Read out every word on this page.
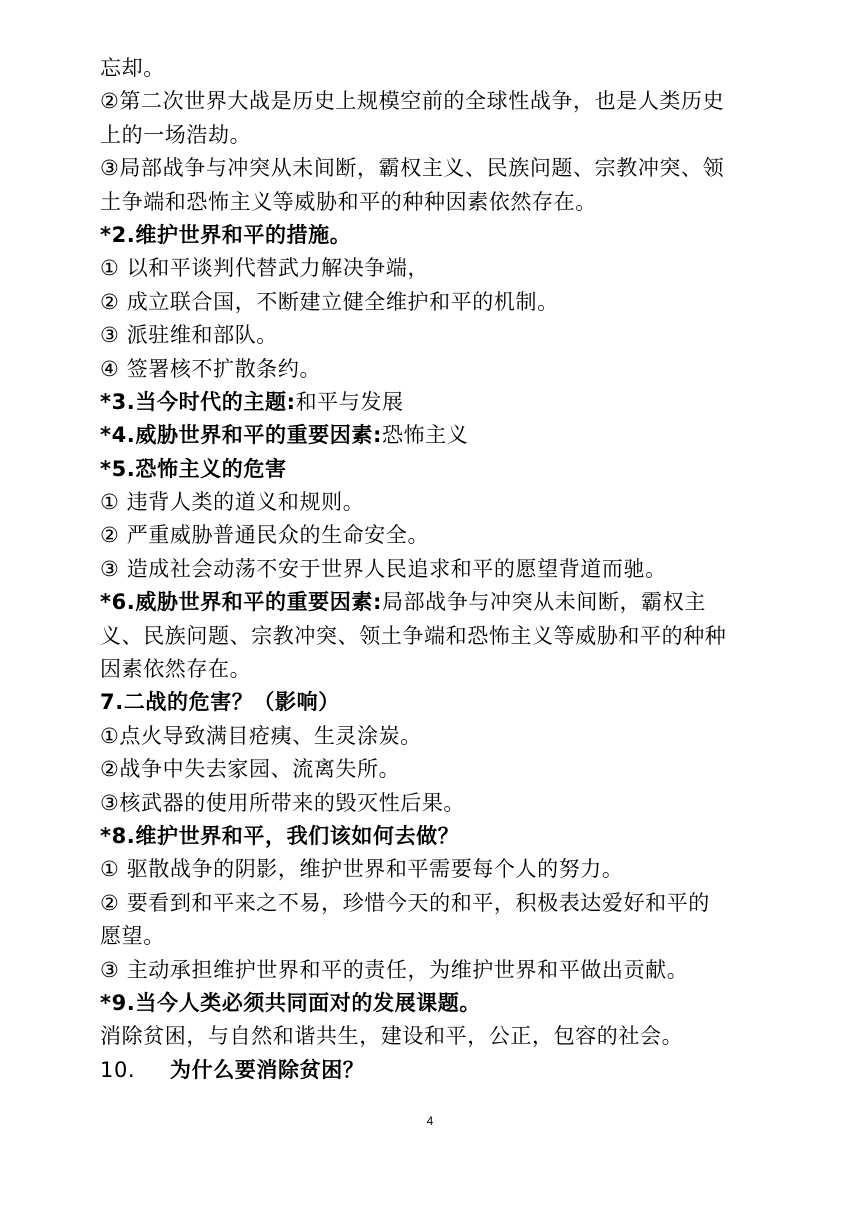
忘却。
②第二次世界大战是历史上规模空前的全球性战争，也是人类历史
上的一场浩劫。
③局部战争与冲突从未间断，霸权主义、民族问题、宗教冲突、领
土争端和恐怖主义等威胁和平的种种因素依然存在。
*2.维护世界和平的措施。
① 以和平谈判代替武力解决争端，
② 成立联合国，不断建立健全维护和平的机制。
③ 派驻维和部队。
④ 签署核不扩散条约。
*3.当今时代的主题:和平与发展
*4.威胁世界和平的重要因素:恐怖主义
*5.恐怖主义的危害
① 违背人类的道义和规则。
② 严重威胁普通民众的生命安全。
③ 造成社会动荡不安于世界人民追求和平的愿望背道而驰。
*6.威胁世界和平的重要因素:局部战争与冲突从未间断，霸权主
义、民族问题、宗教冲突、领土争端和恐怖主义等威胁和平的种种
因素依然存在。
7.二战的危害？（影响）
①点火导致满目疮痍、生灵涂炭。
②战争中失去家园、流离失所。
③核武器的使用所带来的毁灭性后果。
*8.维护世界和平，我们该如何去做？
① 驱散战争的阴影，维护世界和平需要每个人的努力。
② 要看到和平来之不易，珍惜今天的和平，积极表达爱好和平的
愿望。
③ 主动承担维护世界和平的责任，为维护世界和平做出贡献。
*9.当今人类必须共同面对的发展课题。
消除贫困，与自然和谐共生，建设和平，公正，包容的社会。
10. 为什么要消除贫困？
4
